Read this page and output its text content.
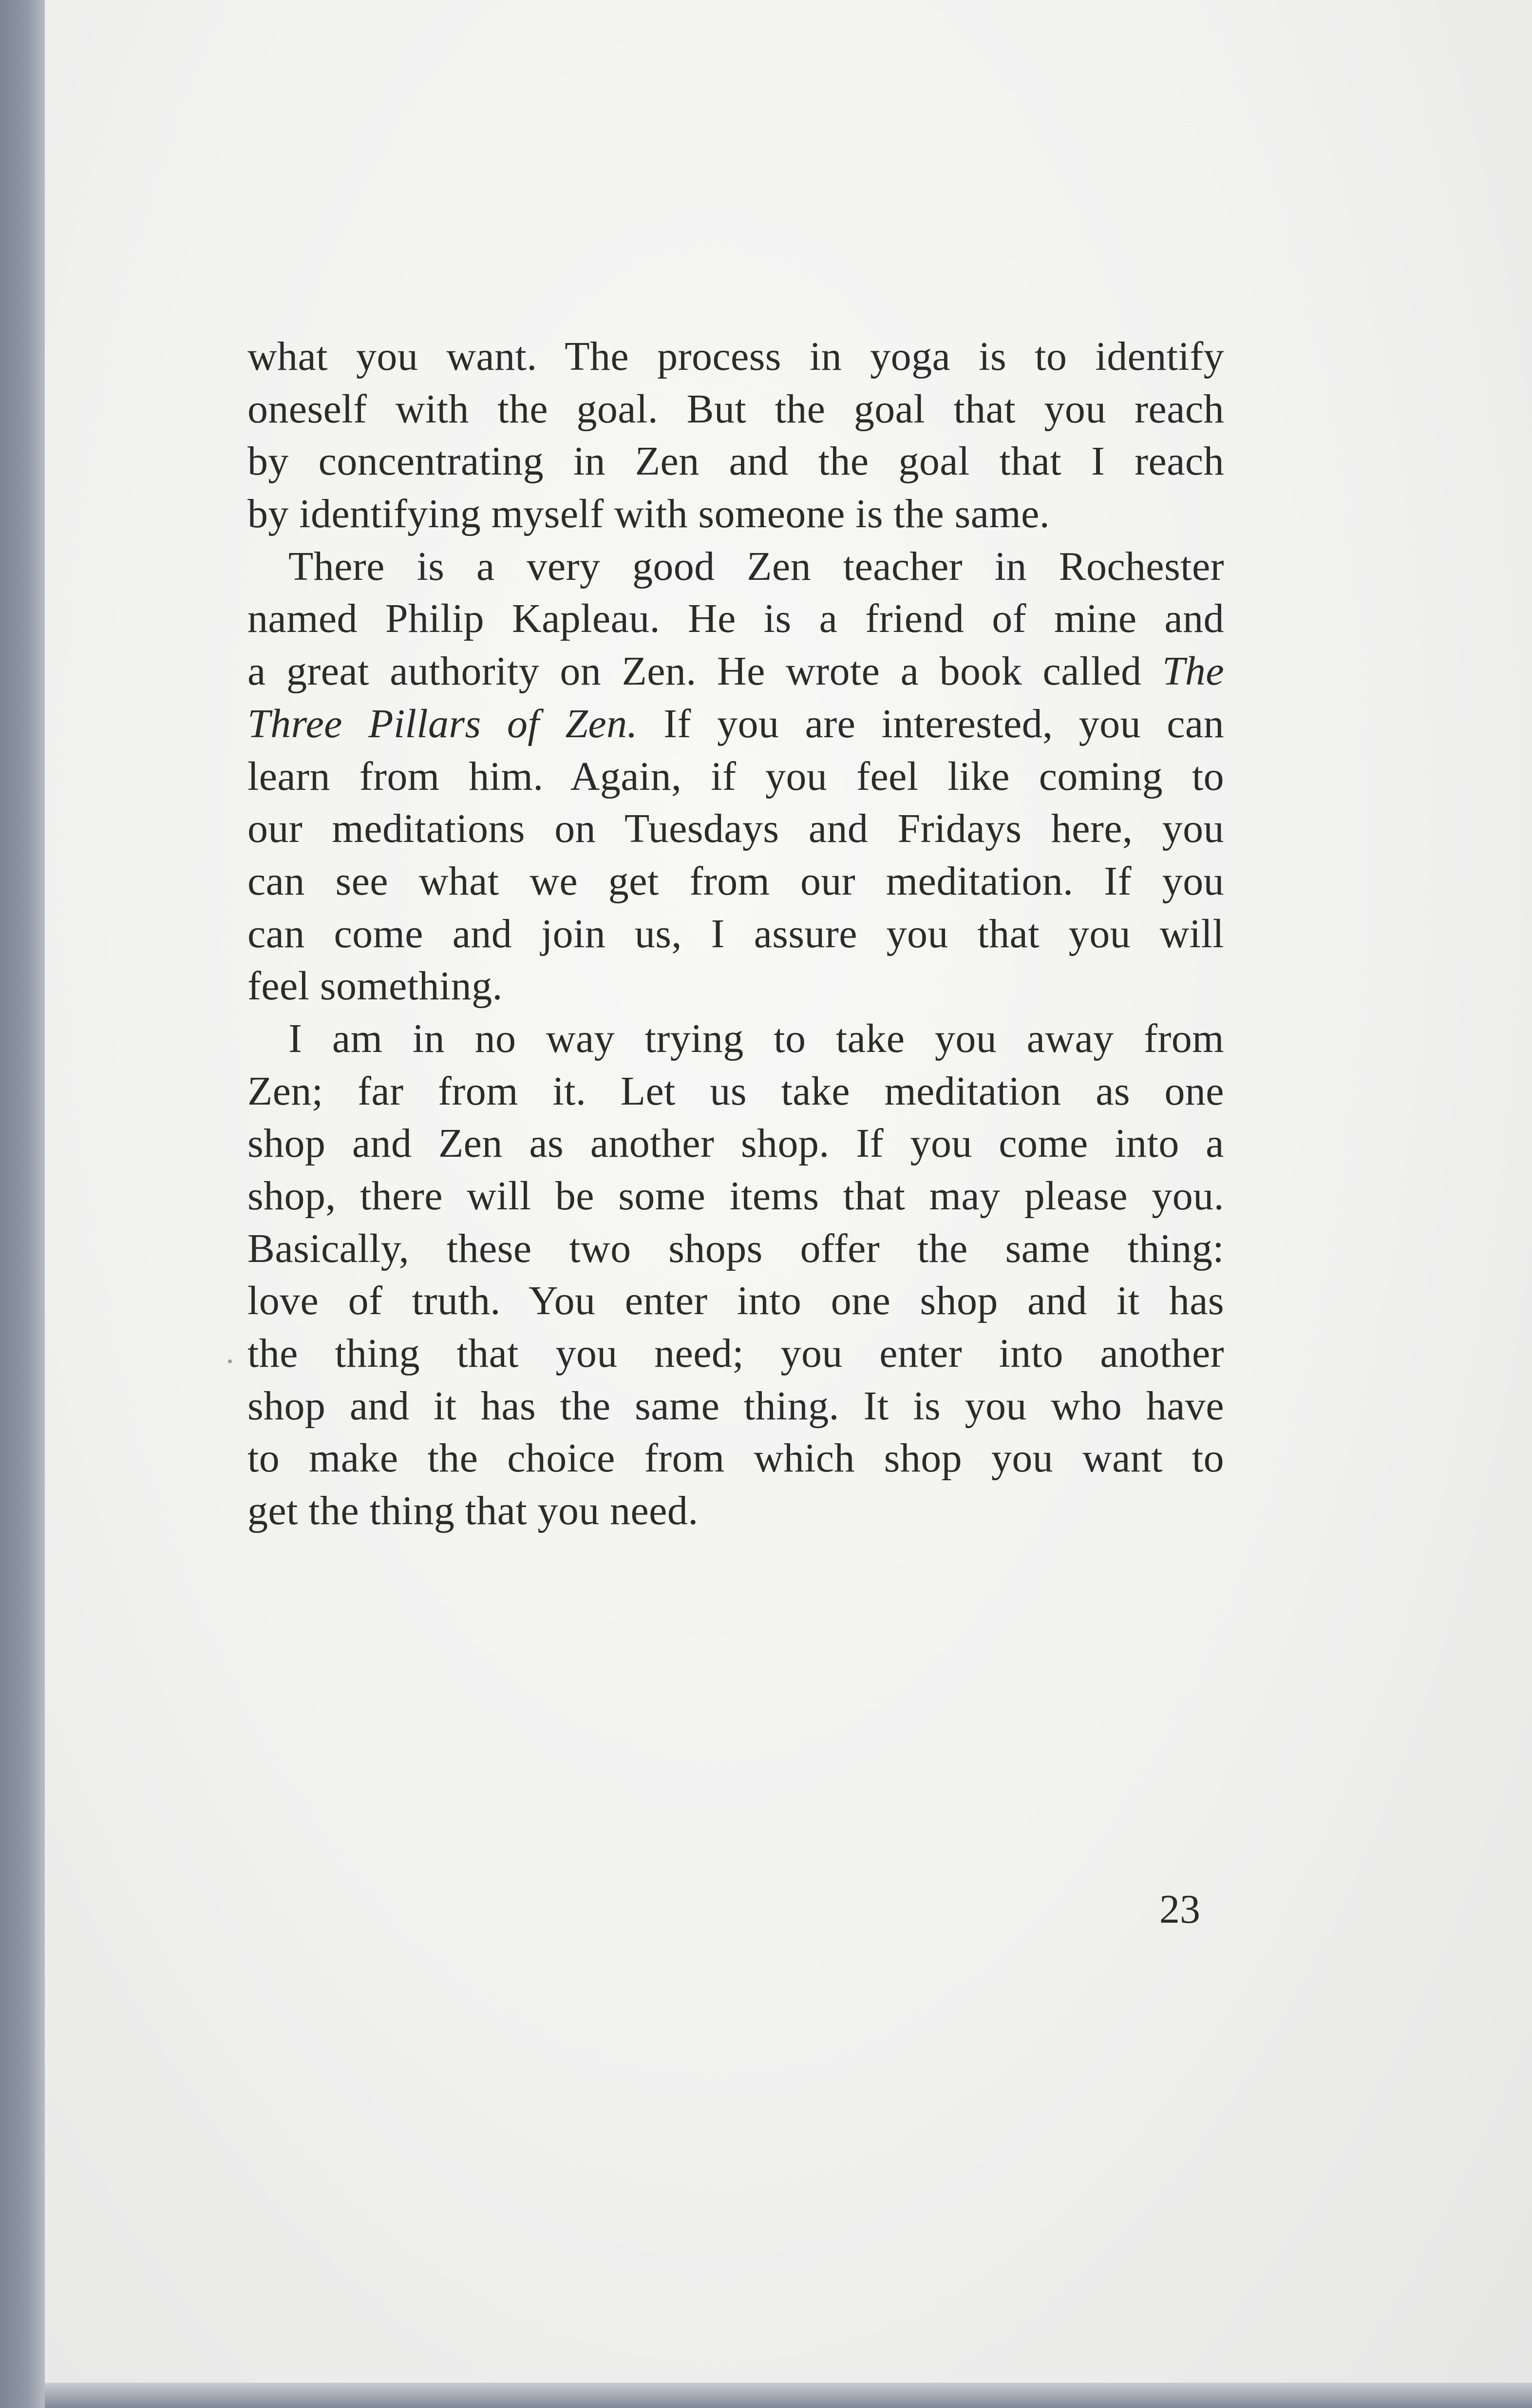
what you want. The process in yoga is to identify
oneself with the goal. But the goal that you reach
by concentrating in Zen and the goal that I reach
by identifying myself with someone is the same.
There is a very good Zen teacher in Rochester
named Philip Kapleau. He is a friend of mine and
a great authority on Zen. He wrote a book called The
Three Pillars of Zen. If you are interested, you can
learn from him. Again, if you feel like coming to
our meditations on Tuesdays and Fridays here, you
can see what we get from our meditation. If you
can come and join us, I assure you that you will
feel something.
I am in no way trying to take you away from
Zen; far from it. Let us take meditation as one
shop and Zen as another shop. If you come into a
shop, there will be some items that may please you.
Basically, these two shops offer the same thing:
love of truth. You enter into one shop and it has
the thing that you need; you enter into another
shop and it has the same thing. It is you who have
to make the choice from which shop you want to
get the thing that you need.
23
